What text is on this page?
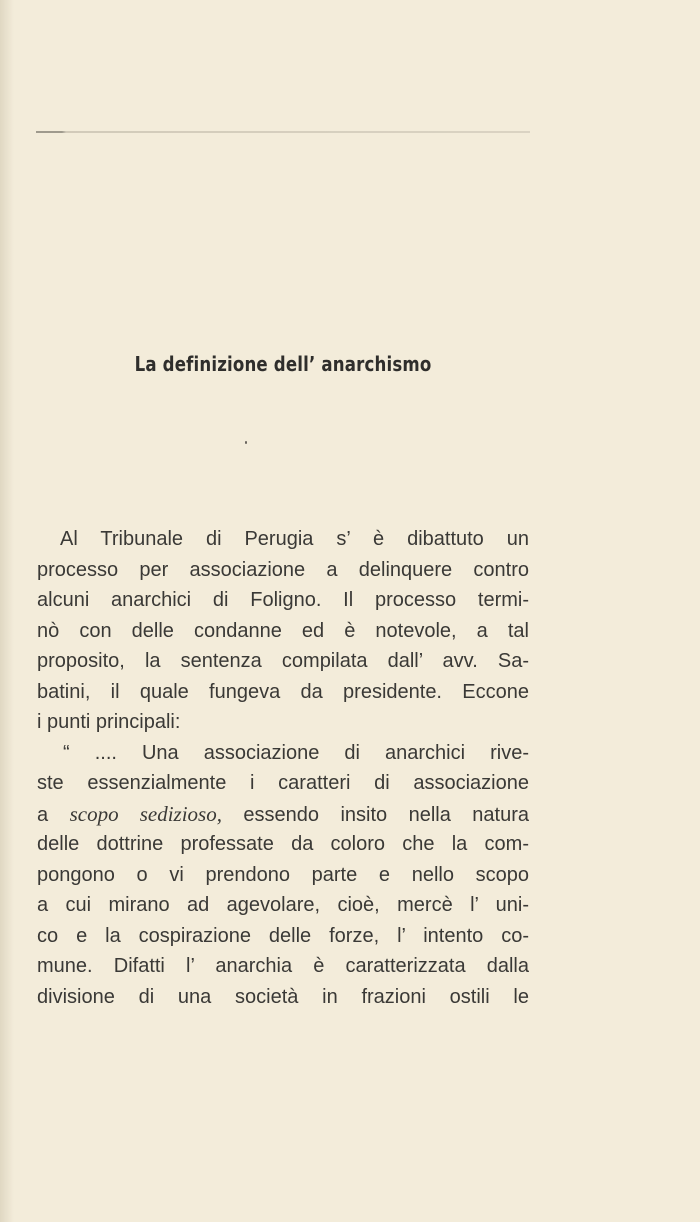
La definizione dell’ anarchismo
Al Tribunale di Perugia s’ è dibattuto un
processo per associazione a delinquere contro
alcuni anarchici di Foligno. Il processo termi-
nò con delle condanne ed è notevole, a tal
proposito, la sentenza compilata dall’ avv. Sa-
batini, il quale fungeva da presidente. Eccone
i punti principali:
“ .... Una associazione di anarchici rive-
ste essenzialmente i caratteri di associazione
a scopo sedizioso, essendo insito nella natura
delle dottrine professate da coloro che la com-
pongono o vi prendono parte e nello scopo
a cui mirano ad agevolare, cioè, mercè l’ uni-
co e la cospirazione delle forze, l’ intento co-
mune. Difatti l’ anarchia è caratterizzata dalla
divisione di una società in frazioni ostili le
